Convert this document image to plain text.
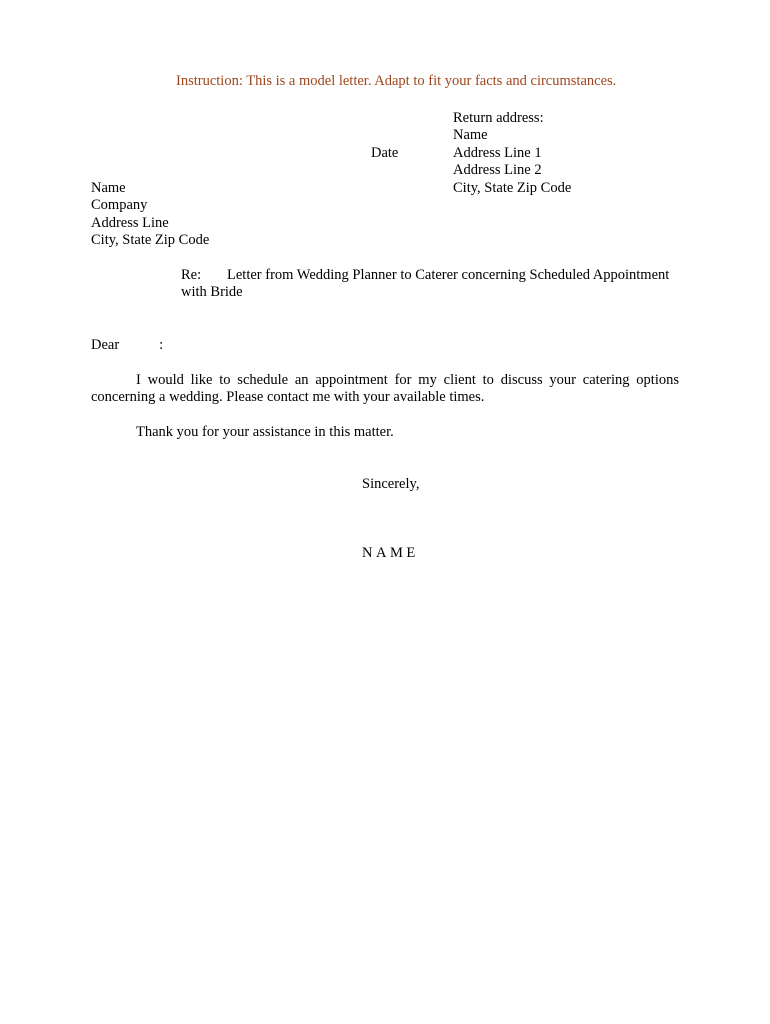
Instruction: This is a model letter. Adapt to fit your facts and circumstances.
Return address:
Name
Address Line 1
Address Line 2
City, State Zip Code
Date
Name
Company
Address Line
City, State Zip Code
Re:	Letter from Wedding Planner to Caterer concerning Scheduled Appointment
with Bride
Dear	:
I would like to schedule an appointment for my client to discuss your catering options concerning a wedding. Please contact me with your available times.
Thank you for your assistance in this matter.
Sincerely,
NAME
